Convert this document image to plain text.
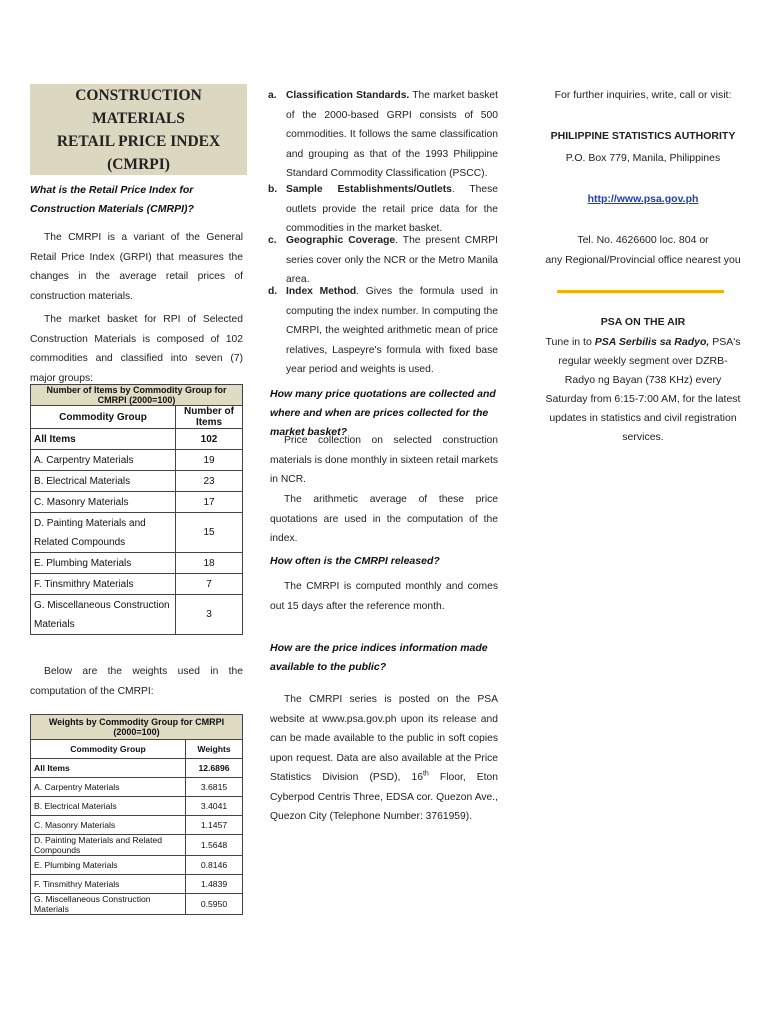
CONSTRUCTION MATERIALS
RETAIL PRICE INDEX (CMRPI)
What is the Retail Price Index for Construction Materials (CMRPI)?
The CMRPI is a variant of the General Retail Price Index (GRPI) that measures the changes in the average retail prices of construction materials.
The market basket for RPI of Selected Construction Materials is composed of 102 commodities and classified into seven (7) major groups:
Number of Items by Commodity Group for CMRPI (2000=100)	
Commodity Group	Number of Items
All Items	102
A. Carpentry Materials	19
B. Electrical Materials	23
C. Masonry Materials	17
D. Painting Materials and Related Compounds	15
E. Plumbing Materials	18
F. Tinsmithry Materials	7
G. Miscellaneous Construction Materials	3
Below are the weights used in the computation of the CMRPI:
Weights by Commodity Group for CMRPI (2000=100)	
Commodity Group	Weights
All Items	12.6896
A. Carpentry Materials	3.6815
B. Electrical Materials	3.4041
C. Masonry Materials	1.1457
D. Painting Materials and Related Compounds	1.5648
E. Plumbing Materials	0.8146
F. Tinsmithry Materials	1.4839
G. Miscellaneous Construction Materials	0.5950
a. Classification Standards. The market basket of the 2000-based GRPI consists of 500 commodities. It follows the same classification and grouping as that of the 1993 Philippine Standard Commodity Classification (PSCC).
b. Sample Establishments/Outlets. These outlets provide the retail price data for the commodities in the market basket.
c. Geographic Coverage. The present CMRPI series cover only the NCR or the Metro Manila area.
d. Index Method. Gives the formula used in computing the index number. In computing the CMRPI, the weighted arithmetic mean of price relatives, Laspeyre's formula with fixed base year period and weights is used.
How many price quotations are collected and where and when are prices collected for the market basket?
Price collection on selected construction materials is done monthly in sixteen retail markets in NCR.
The arithmetic average of these price quotations are used in the computation of the index.
How often is the CMRPI released?
The CMRPI is computed monthly and comes out 15 days after the reference month.
How are the price indices information made available to the public?
The CMRPI series is posted on the PSA website at www.psa.gov.ph upon its release and can be made available to the public in soft copies upon request. Data are also available at the Price Statistics Division (PSD), 16th Floor, Eton Cyberpod Centris Three, EDSA cor. Quezon Ave., Quezon City (Telephone Number: 3761959).
For further inquiries, write, call or visit:
PHILIPPINE STATISTICS AUTHORITY
P.O. Box 779, Manila, Philippines
http://www.psa.gov.ph
Tel. No. 4626600 loc. 804 or
any Regional/Provincial office nearest you
PSA ON THE AIR
Tune in to PSA Serbilis sa Radyo, PSA's regular weekly segment over DZRB-Radyo ng Bayan (738 KHz) every Saturday from 6:15-7:00 AM, for the latest updates in statistics and civil registration services.
